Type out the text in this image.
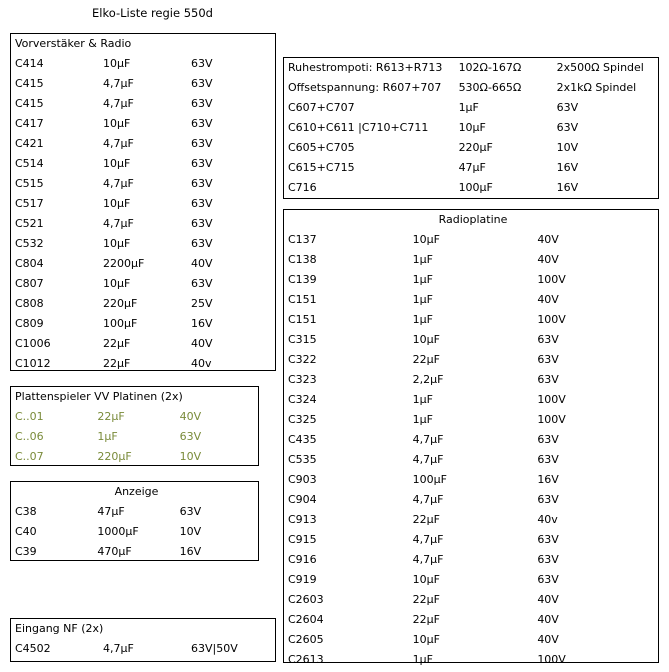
Elko-Liste regie 550d
Vorverstäker & Radio		
C414	10µF	63V
C415	4,7µF	63V
C415	4,7µF	63V
C417	10µF	63V
C421	4,7µF	63V
C514	10µF	63V
C515	4,7µF	63V
C517	10µF	63V
C521	4,7µF	63V
C532	10µF	63V
C804	2200µF	40V
C807	10µF	63V
C808	220µF	25V
C809	100µF	16V
C1006	22µF	40V
C1012	22µF	40v
Plattenspieler VV Platinen (2x)		
C..01	22µF	40V
C..06	1µF	63V
C..07	220µF	10V
Anzeige		
C38	47µF	63V
C40	1000µF	10V
C39	470µF	16V
Eingang NF (2x)
C4502	4,7µF	63V|50V
Ruhestrompoti: R613+R713	102Ω-167Ω	2x500Ω Spindel
Offsetspannung: R607+707	530Ω-665Ω	2x1kΩ Spindel
C607+C707	1µF	63V
C610+C611 |C710+C711	10µF	63V
C605+C705	220µF	10V
C615+C715	47µF	16V
C716	100µF	16V
Radioplatine		
C137	10µF	40V
C138	1µF	40V
C139	1µF	100V
C151	1µF	40V
C151	1µF	100V
C315	10µF	63V
C322	22µF	63V
C323	2,2µF	63V
C324	1µF	100V
C325	1µF	100V
C435	4,7µF	63V
C535	4,7µF	63V
C903	100µF	16V
C904	4,7µF	63V
C913	22µF	40v
C915	4,7µF	63V
C916	4,7µF	63V
C919	10µF	63V
C2603	22µF	40V
C2604	22µF	40V
C2605	10µF	40V
C2613	1µF	100V
